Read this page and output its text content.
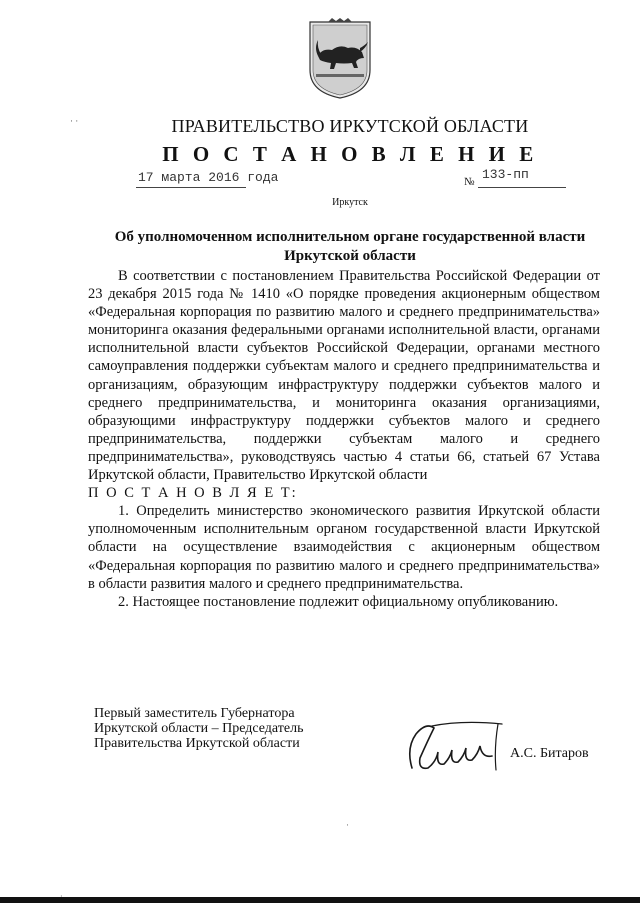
· ·	ПРАВИТЕЛЬСТВО ИРКУТСКОЙ ОБЛАСТИ
П О С Т А Н О В Л Е Н И Е
17 марта 2016 года	№ 133-пп
Иркутск
Об уполномоченном исполнительном органе государственной власти Иркутской области

В соответствии с постановлением Правительства Российской Федерации от 23 декабря 2015 года № 1410 «О порядке проведения акционерным обществом «Федеральная корпорация по развитию малого и среднего предпринимательства» мониторинга оказания федеральными органами исполнительной власти, органами исполнительной власти субъектов Российской Федерации, органами местного самоуправления поддержки субъектам малого и среднего предпринимательства и организациям, образующим инфраструктуру поддержки субъектов малого и среднего предпринимательства, и мониторинга оказания организациями, образующими инфраструктуру поддержки субъектов малого и среднего предпринимательства, поддержки субъектам малого и среднего предпринимательства», руководствуясь частью 4 статьи 66, статьей 67 Устава Иркутской области, Правительство Иркутской области

П О С Т А Н О В Л Я Е Т:

1. Определить министерство экономического развития Иркутской области уполномоченным исполнительным органом государственной власти Иркутской области на осуществление взаимодействия с акционерным обществом «Федеральная корпорация по развитию малого и среднего предпринимательства» в области развития малого и среднего предпринимательства.

2. Настоящее постановление подлежит официальному опубликованию.

Первый заместитель Губернатора
Иркутской области – Председатель
Правительства Иркутской области
А.С. Битаров
·
